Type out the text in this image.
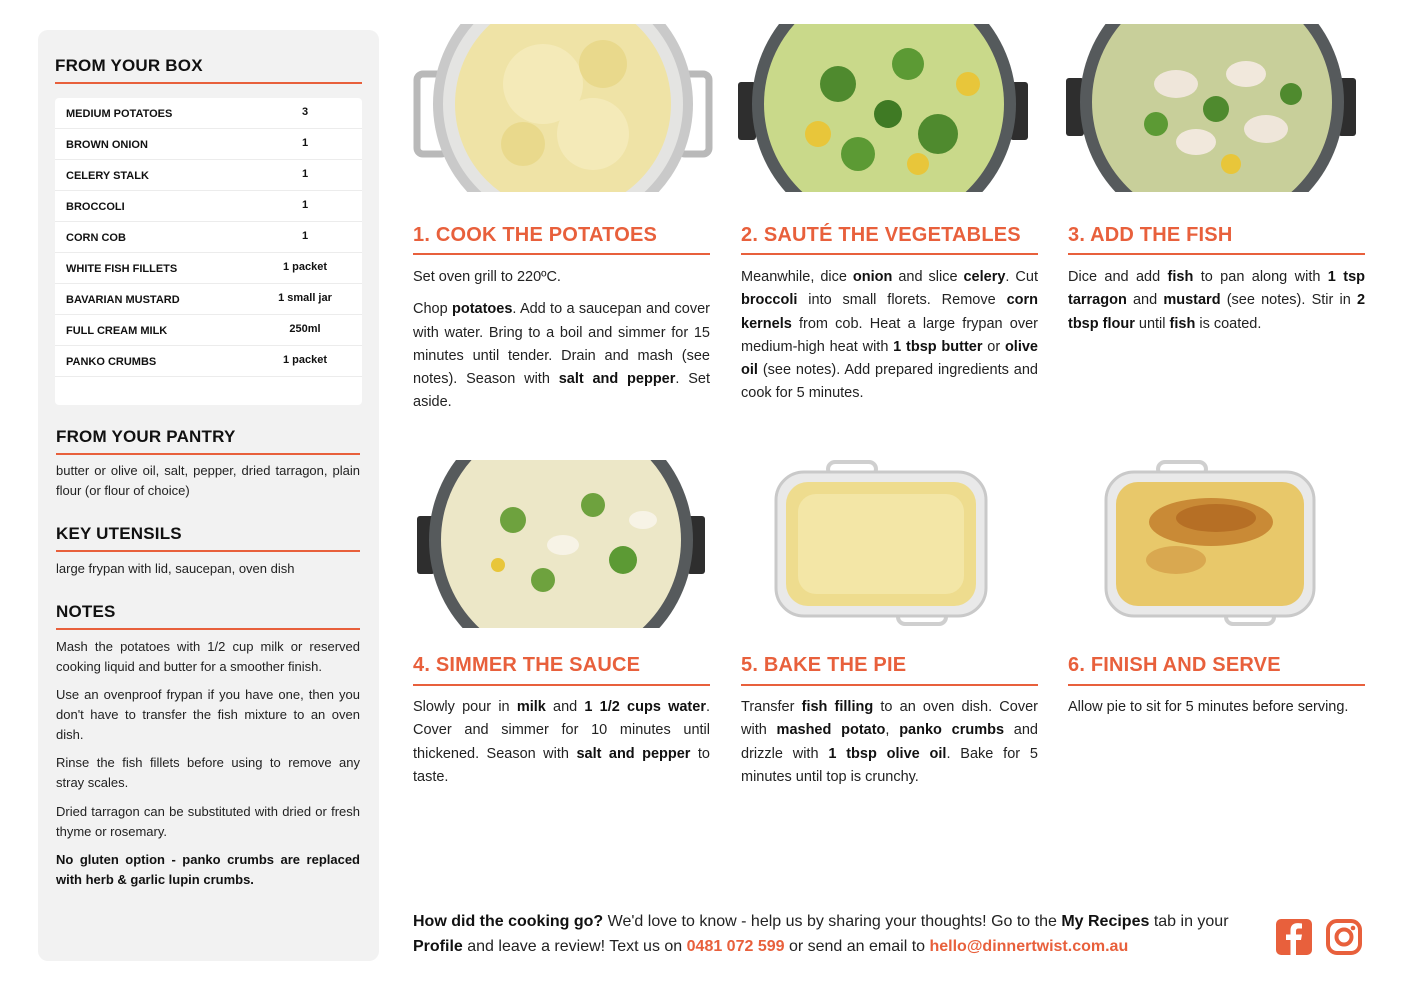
FROM YOUR BOX
MEDIUM POTATOES	3
BROWN ONION	1
CELERY STALK	1
BROCCOLI	1
CORN COB	1
WHITE FISH FILLETS	1 packet
BAVARIAN MUSTARD	1 small jar
FULL CREAM MILK	250ml
PANKO CRUMBS	1 packet
FROM YOUR PANTRY
butter or olive oil, salt, pepper, dried tarragon, plain flour (or flour of choice)
KEY UTENSILS
large frypan with lid, saucepan, oven dish
NOTES
Mash the potatoes with 1/2 cup milk or reserved cooking liquid and butter for a smoother finish.
Use an ovenproof frypan if you have one, then you don't have to transfer the fish mixture to an oven dish.
Rinse the fish fillets before using to remove any stray scales.
Dried tarragon can be substituted with dried or fresh thyme or rosemary.
No gluten option - panko crumbs are replaced with herb & garlic lupin crumbs.
1. COOK THE POTATOES

Set oven grill to 220ºC.

Chop potatoes. Add to a saucepan and cover with water. Bring to a boil and simmer for 15 minutes until tender. Drain and mash (see notes). Season with salt and pepper. Set aside.

2. SAUTÉ THE VEGETABLES

Meanwhile, dice onion and slice celery. Cut broccoli into small florets. Remove corn kernels from cob. Heat a large frypan over medium-high heat with 1 tbsp butter or olive oil (see notes). Add prepared ingredients and cook for 5 minutes.

3. ADD THE FISH

Dice and add fish to pan along with 1 tsp tarragon and mustard (see notes). Stir in 2 tbsp flour until fish is coated.

4. SIMMER THE SAUCE

Slowly pour in milk and 1 1/2 cups water. Cover and simmer for 10 minutes until thickened. Season with salt and pepper to taste.

5. BAKE THE PIE

Transfer fish filling to an oven dish. Cover with mashed potato, panko crumbs and drizzle with 1 tbsp olive oil. Bake for 5 minutes until top is crunchy.

6. FINISH AND SERVE

Allow pie to sit for 5 minutes before serving.

How did the cooking go? We'd love to know - help us by sharing your thoughts! Go to the My Recipes tab in your Profile and leave a review! Text us on 0481 072 599 or send an email to hello@dinnertwist.com.au
